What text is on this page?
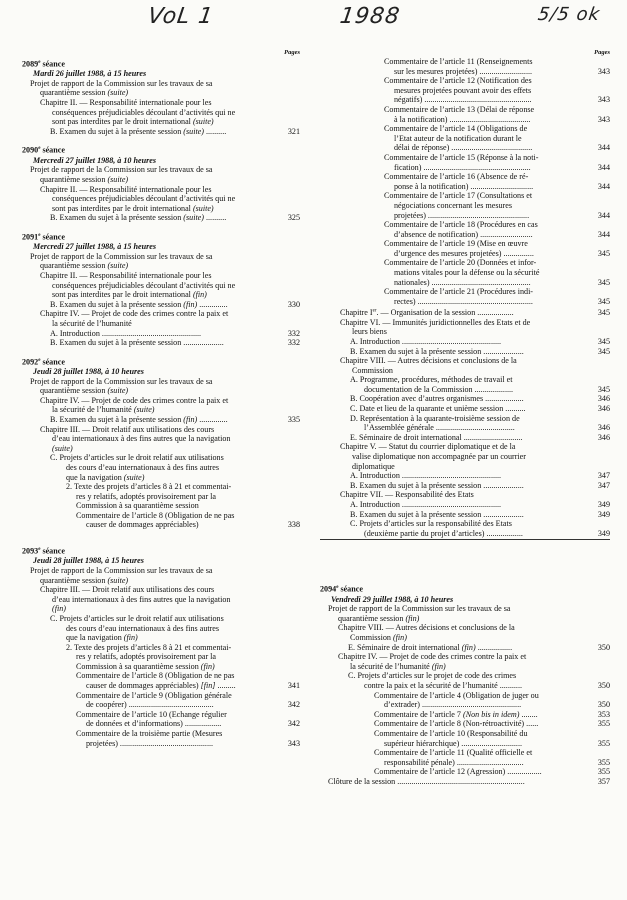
VoL 1	1988	5/5 ok
Pages
2089e séance
Mardi 26 juillet 1988, à 15 heures
Projet de rapport de la Commission sur les travaux de sa
quarantième session (suite)
Chapitre II. — Responsabilité internationale pour les
conséquences préjudiciables découlant d’activités qui ne
sont pas interdites par le droit international (suite)
B. Examen du sujet à la présente session (suite) ..........	321
2090e séance
Mercredi 27 juillet 1988, à 10 heures
Projet de rapport de la Commission sur les travaux de sa
quarantième session (suite)
Chapitre II. — Responsabilité internationale pour les
conséquences préjudiciables découlant d’activités qui ne
sont pas interdites par le droit international (suite)
B. Examen du sujet à la présente session (suite) ..........	325
2091e séance
Mercredi 27 juillet 1988, à 15 heures
Projet de rapport de la Commission sur les travaux de sa
quarantième session (suite)
Chapitre II. — Responsabilité internationale pour les
conséquences préjudiciables découlant d’activités qui ne
sont pas interdites par le droit international (fin)
B. Examen du sujet à la présente session (fin) ..............	330
Chapitre IV. — Projet de code des crimes contre la paix et
la sécurité de l’humanité
A. Introduction .................................................	332
B. Examen du sujet à la présente session ....................	332
2092e séance
Jeudi 28 juillet 1988, à 10 heures
Projet de rapport de la Commission sur les travaux de sa
quarantième session (suite)
Chapitre IV. — Projet de code des crimes contre la paix et
la sécurité de l’humanité (suite)
B. Examen du sujet à la présente session (fin) ..............	335
Chapitre III. — Droit relatif aux utilisations des cours
d’eau internationaux à des fins autres que la navigation
(suite)
C. Projets d’articles sur le droit relatif aux utilisations
des cours d’eau internationaux à des fins autres
que la navigation (suite)
2. Texte des projets d’articles 8 à 21 et commentai-
res y relatifs, adoptés provisoirement par la
Commission à sa quarantième session
Commentaire de l’article 8 (Obligation de ne pas
causer de dommages appréciables)	338
2093e séance
Jeudi 28 juillet 1988, à 15 heures
Projet de rapport de la Commission sur les travaux de sa
quarantième session (suite)
Chapitre III. — Droit relatif aux utilisations des cours
d’eau internationaux à des fins autres que la navigation
(fin)
C. Projets d’articles sur le droit relatif aux utilisations
des cours d’eau internationaux à des fins autres
que la navigation (fin)
2. Texte des projets d’articles 8 à 21 et commentai-
res y relatifs, adoptés provisoirement par la
Commission à sa quarantième session (fin)
Commentaire de l’article 8 (Obligation de ne pas
causer de dommages appréciables) [fin] .........	341
Commentaire de l’article 9 (Obligation générale
de coopérer) ..........................................	342
Commentaire de l’article 10 (Echange régulier
de données et d’informations) ..................	342
Commentaire de la troisième partie (Mesures
projetées) ..............................................	343
Pages
Commentaire de l’article 11 (Renseignements
sur les mesures projetées) ..........................	343
Commentaire de l’article 12 (Notification des
mesures projetées pouvant avoir des effets
négatifs) .....................................................	343
Commentaire de l’article 13 (Délai de réponse
à la notification) ........................................	343
Commentaire de l’article 14 (Obligations de
l’Etat auteur de la notification durant le
délai de réponse) ........................................	344
Commentaire de l’article 15 (Réponse à la noti-
fication) .....................................................	344
Commentaire de l’article 16 (Absence de ré-
ponse à la notification) ...............................	344
Commentaire de l’article 17 (Consultations et
négociations concernant les mesures
projetées) ..................................................	344
Commentaire de l’article 18 (Procédures en cas
d’absence de notification) ..........................	344
Commentaire de l’article 19 (Mise en œuvre
d’urgence des mesures projetées) ...............	345
Commentaire de l’article 20 (Données et infor-
mations vitales pour la défense ou la sécurité
nationales) .................................................	345
Commentaire de l’article 21 (Procédures indi-
rectes) .........................................................	345
Chapitre Ier. — Organisation de la session ..................	345
Chapitre VI. — Immunités juridictionnelles des Etats et de
leurs biens
A. Introduction .................................................	345
B. Examen du sujet à la présente session ....................	345
Chapitre VIII. — Autres décisions et conclusions de la
Commission
A. Programme, procédures, méthodes de travail et
documentation de la Commission ...................	345
B. Coopération avec d’autres organismes ...................	346
C. Date et lieu de la quarante et unième session ..........	346
D. Représentation à la quarante-troisième session de
l’Assemblée générale .......................................	346
E. Séminaire de droit international .............................	346
Chapitre V. — Statut du courrier diplomatique et de la
valise diplomatique non accompagnée par un courrier
diplomatique
A. Introduction .................................................	347
B. Examen du sujet à la présente session ....................	347
Chapitre VII. — Responsabilité des Etats
A. Introduction .................................................	349
B. Examen du sujet à la présente session ....................	349
C. Projets d’articles sur la responsabilité des Etats
(deuxième partie du projet d’articles) ..................	349
2094e séance
Vendredi 29 juillet 1988, à 10 heures
Projet de rapport de la Commission sur les travaux de sa
quarantième session (fin)
Chapitre VIII. — Autres décisions et conclusions de la
Commission (fin)
E. Séminaire de droit international (fin) .................	350
Chapitre IV. — Projet de code des crimes contre la paix et
la sécurité de l’humanité (fin)
C. Projets d’articles sur le projet de code des crimes
contre la paix et la sécurité de l’humanité ...........	350
Commentaire de l’article 4 (Obligation de juger ou
d’extrader) .................................................	350
Commentaire de l’article 7 (Non bis in idem) ........	353
Commentaire de l’article 8 (Non-rétroactivité) ......	355
Commentaire de l’article 10 (Responsabilité du
supérieur hiérarchique) ..............................	355
Commentaire de l’article 11 (Qualité officielle et
responsabilité pénale) .................................	355
Commentaire de l’article 12 (Agression) .................	355
Clôture de la session ...............................................................	357
